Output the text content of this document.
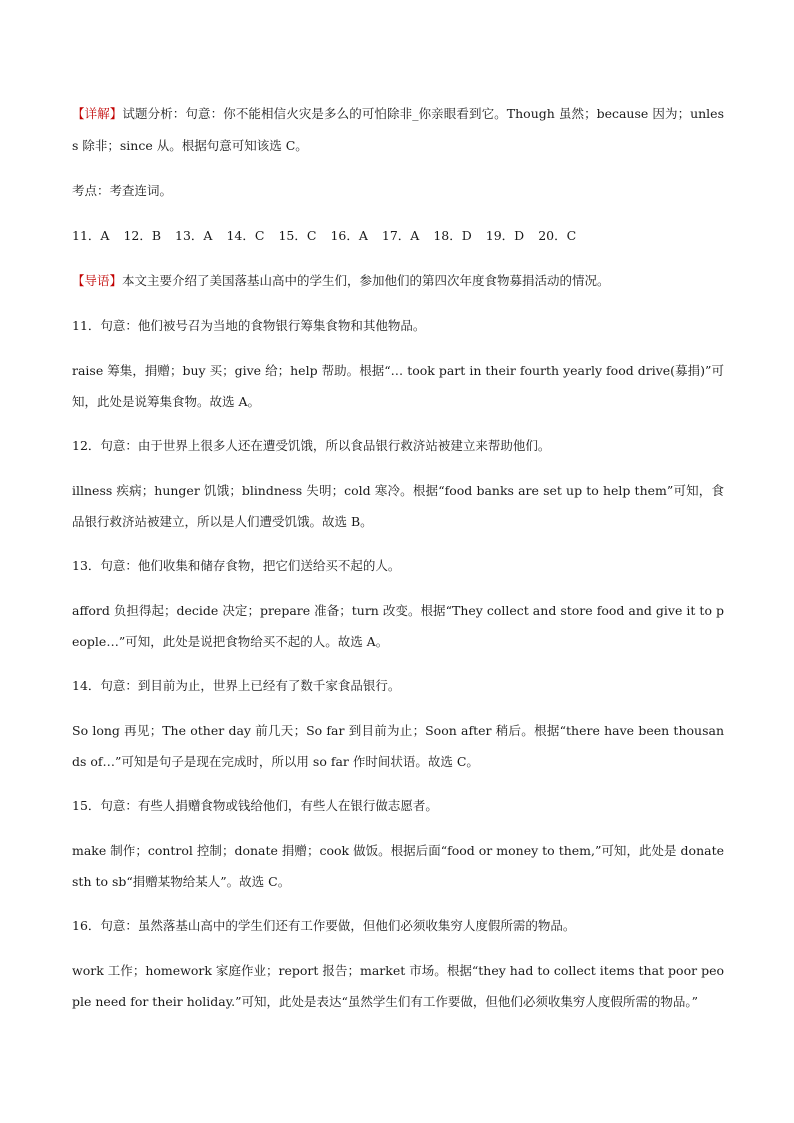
【详解】试题分析：句意：你不能相信火灾是多么的可怕除非_你亲眼看到它。Though 虽然；because 因为；unless 除非；since 从。根据句意可知该选 C。

考点：考查连词。

11．A 12．B 13．A 14．C 15．C 16．A 17．A 18．D 19．D 20．C

【导语】本文主要介绍了美国落基山高中的学生们，参加他们的第四次年度食物募捐活动的情况。

11．句意：他们被号召为当地的食物银行筹集食物和其他物品。

raise 筹集，捐赠；buy 买；give 给；help 帮助。根据“… took part in their fourth yearly food drive(募捐)”可知，此处是说筹集食物。故选 A。

12．句意：由于世界上很多人还在遭受饥饿，所以食品银行救济站被建立来帮助他们。

illness 疾病；hunger 饥饿；blindness 失明；cold 寒冷。根据“food banks are set up to help them”可知，食品银行救济站被建立，所以是人们遭受饥饿。故选 B。

13．句意：他们收集和储存食物，把它们送给买不起的人。

afford 负担得起；decide 决定；prepare 准备；turn 改变。根据“They collect and store food and give it to people…”可知，此处是说把食物给买不起的人。故选 A。

14．句意：到目前为止，世界上已经有了数千家食品银行。

So long 再见；The other day 前几天；So far 到目前为止；Soon after 稍后。根据“there have been thousands of…”可知是句子是现在完成时，所以用 so far 作时间状语。故选 C。

15．句意：有些人捐赠食物或钱给他们，有些人在银行做志愿者。

make 制作；control 控制；donate 捐赠；cook 做饭。根据后面“food or money to them,”可知，此处是 donate sth to sb“捐赠某物给某人”。故选 C。

16．句意：虽然落基山高中的学生们还有工作要做，但他们必须收集穷人度假所需的物品。

work 工作；homework 家庭作业；report 报告；market 市场。根据“they had to collect items that poor people need for their holiday.”可知，此处是表达“虽然学生们有工作要做，但他们必须收集穷人度假所需的物品。”
